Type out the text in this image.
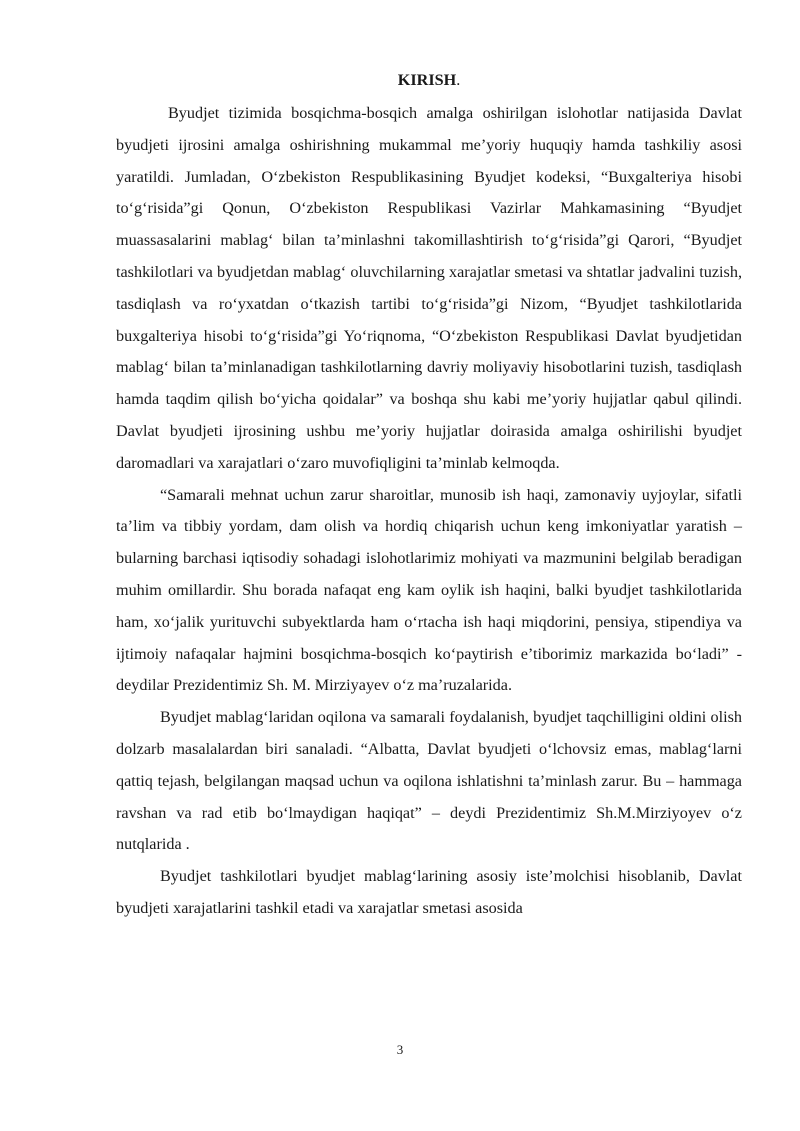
KIRISH.

Byudjet tizimida bosqichma-bosqich amalga oshirilgan islohotlar natijasida Davlat byudjeti ijrosini amalga oshirishning mukammal me’yoriy huquqiy hamda tashkiliy asosi yaratildi. Jumladan, O‘zbekiston Respublikasining Byudjet kodeksi, “Buxgalteriya hisobi to‘g‘risida”gi Qonun, O‘zbekiston Respublikasi Vazirlar Mahkamasining “Byudjet muassasalarini mablag‘ bilan ta’minlashni takomillashtirish to‘g‘risida”gi Qarori, “Byudjet tashkilotlari va byudjetdan mablag‘ oluvchilarning xarajatlar smetasi va shtatlar jadvalini tuzish, tasdiqlash va ro‘yxatdan o‘tkazish tartibi to‘g‘risida”gi Nizom, “Byudjet tashkilotlarida buxgalteriya hisobi to‘g‘risida”gi Yo‘riqnoma, “O‘zbekiston Respublikasi Davlat byudjetidan mablag‘ bilan ta’minlanadigan tashkilotlarning davriy moliyaviy hisobotlarini tuzish, tasdiqlash hamda taqdim qilish bo‘yicha qoidalar” va boshqa shu kabi me’yoriy hujjatlar qabul qilindi. Davlat byudjeti ijrosining ushbu me’yoriy hujjatlar doirasida amalga oshirilishi byudjet daromadlari va xarajatlari o‘zaro muvofiqligini ta’minlab kelmoqda.

“Samarali mehnat uchun zarur sharoitlar, munosib ish haqi, zamonaviy uyjoylar, sifatli ta’lim va tibbiy yordam, dam olish va hordiq chiqarish uchun keng imkoniyatlar yaratish – bularning barchasi iqtisodiy sohadagi islohotlarimiz mohiyati va mazmunini belgilab beradigan muhim omillardir. Shu borada nafaqat eng kam oylik ish haqini, balki byudjet tashkilotlarida ham, xo‘jalik yurituvchi subyektlarda ham o‘rtacha ish haqi miqdorini, pensiya, stipendiya va ijtimoiy nafaqalar hajmini bosqichma-bosqich ko‘paytirish e’tiborimiz markazida bo‘ladi” - deydilar Prezidentimiz Sh. M. Mirziyayev o‘z ma’ruzalarida.

Byudjet mablag‘laridan oqilona va samarali foydalanish, byudjet taqchilligini oldini olish dolzarb masalalardan biri sanaladi. “Albatta, Davlat byudjeti o‘lchovsiz emas, mablag‘larni qattiq tejash, belgilangan maqsad uchun va oqilona ishlatishni ta’minlash zarur. Bu – hammaga ravshan va rad etib bo‘lmaydigan haqiqat” – deydi Prezidentimiz Sh.M.Mirziyoyev o‘z nutqlarida .

Byudjet tashkilotlari byudjet mablag‘larining asosiy iste’molchisi hisoblanib, Davlat byudjeti xarajatlarini tashkil etadi va xarajatlar smetasi asosida

3
